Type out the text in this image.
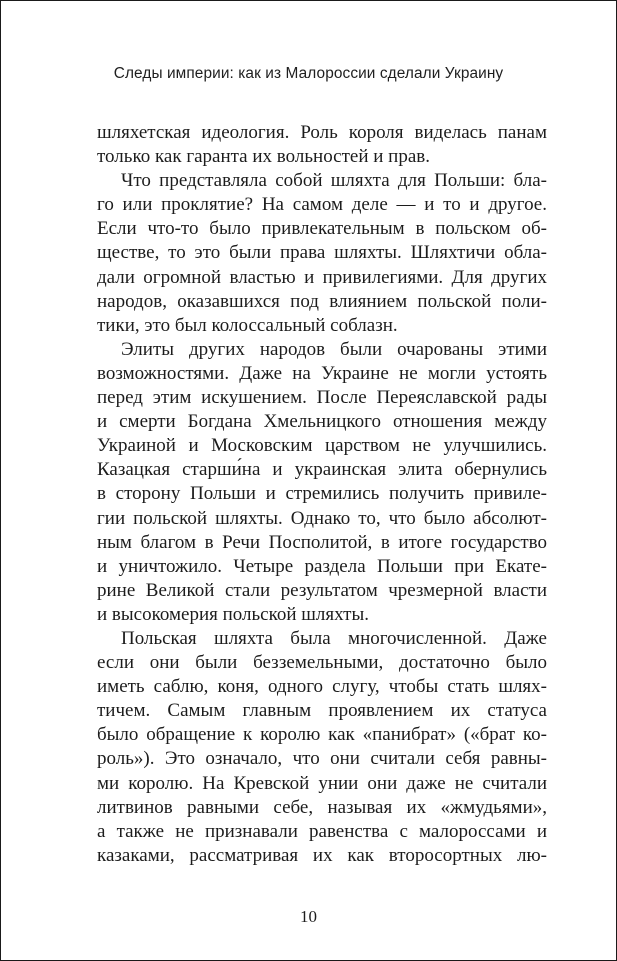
Следы империи: как из Малороссии сделали Украину
шляхетская идеология. Роль короля виделась панам
только как гаранта их вольностей и прав.
Что представляла собой шляхта для Польши: бла-
го или проклятие? На самом деле — и то и другое.
Если что-то было привлекательным в польском об-
ществе, то это были права шляхты. Шляхтичи обла-
дали огромной властью и привилегиями. Для других
народов, оказавшихся под влиянием польской поли-
тики, это был колоссальный соблазн.
Элиты других народов были очарованы этими
возможностями. Даже на Украине не могли устоять
перед этим искушением. После Переяславской рады
и смерти Богдана Хмельницкого отношения между
Украиной и Московским царством не улучшились.
Казацкая старши́на и украинская элита обернулись
в сторону Польши и стремились получить привиле-
гии польской шляхты. Однако то, что было абсолют-
ным благом в Речи Посполитой, в итоге государство
и уничтожило. Четыре раздела Польши при Екате-
рине Великой стали результатом чрезмерной власти
и высокомерия польской шляхты.
Польская шляхта была многочисленной. Даже
если они были безземельными, достаточно было
иметь саблю, коня, одного слугу, чтобы стать шлях-
тичем. Самым главным проявлением их статуса
было обращение к королю как «панибрат» («брат ко-
роль»). Это означало, что они считали себя равны-
ми королю. На Кревской унии они даже не считали
литвинов равными себе, называя их «жмудьями»,
а также не признавали равенства с малороссами и
казаками, рассматривая их как второсортных лю-
10
